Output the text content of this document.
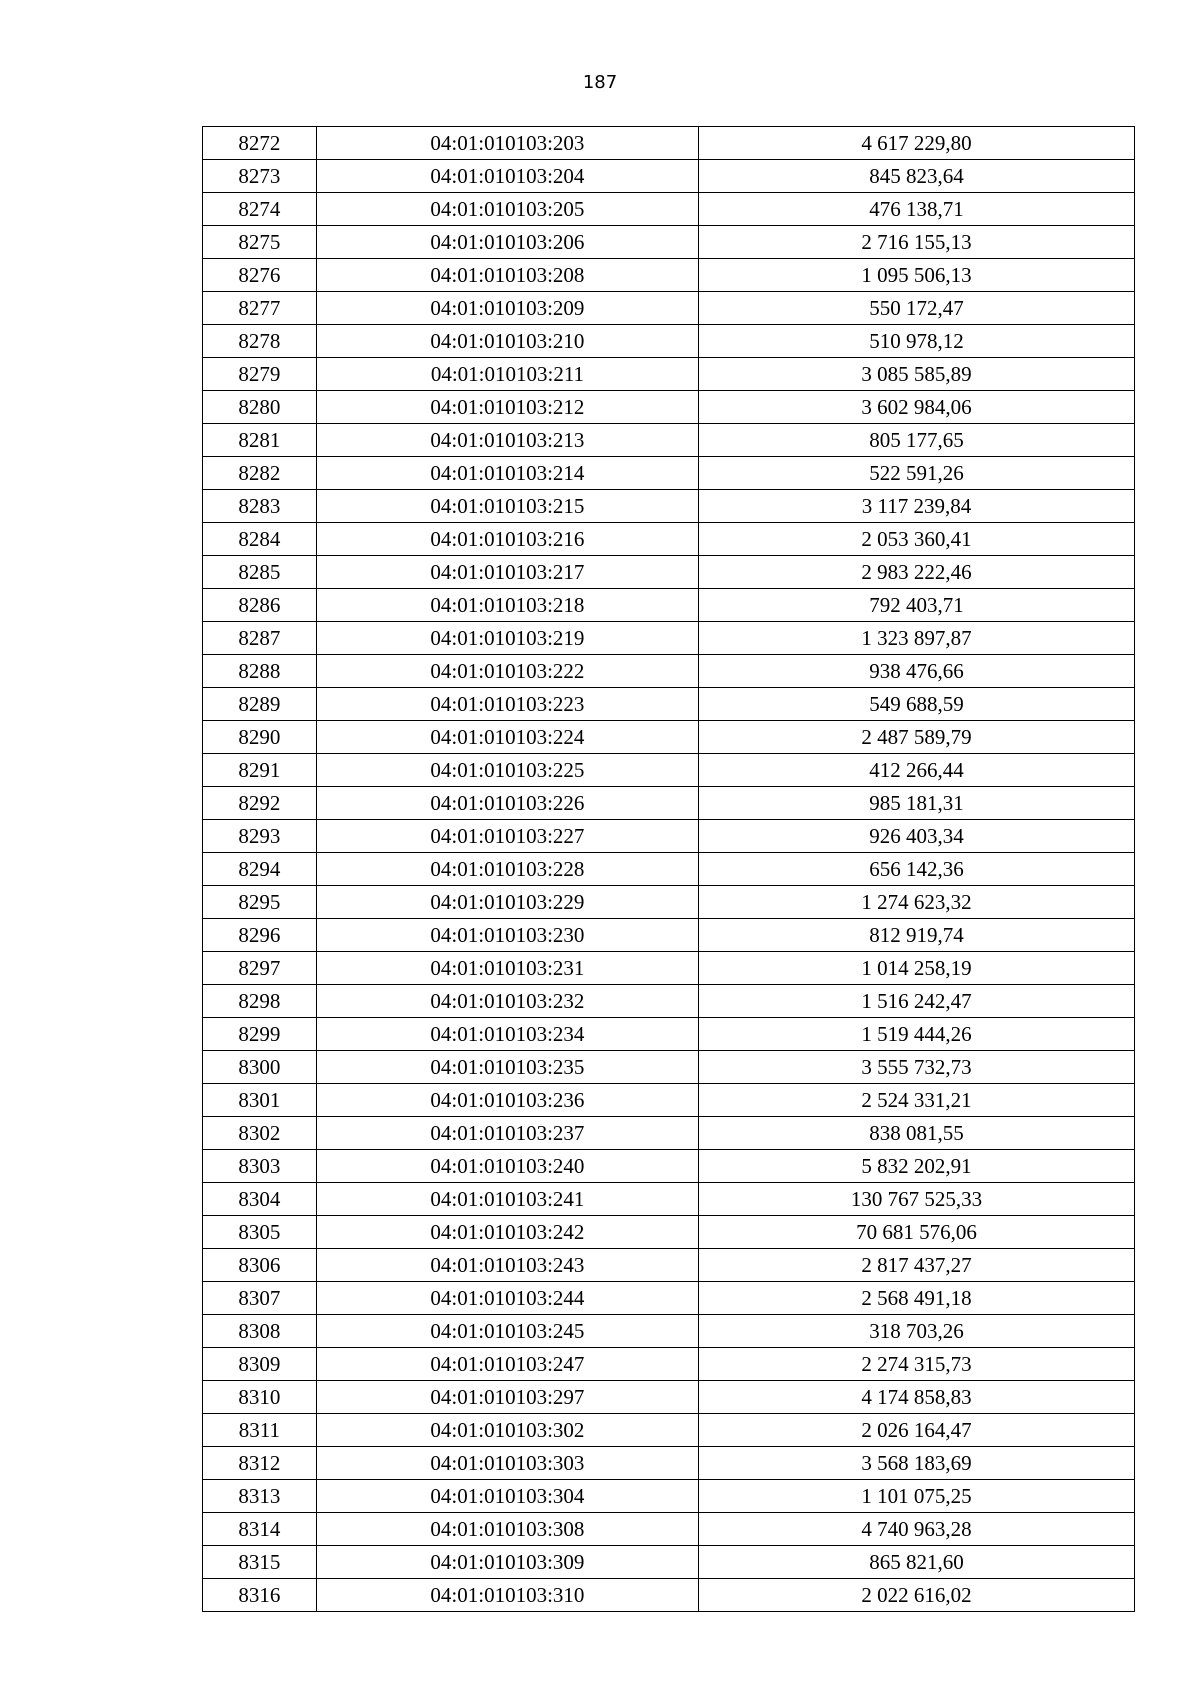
187
8272	04:01:010103:203	4 617 229,80
8273	04:01:010103:204	845 823,64
8274	04:01:010103:205	476 138,71
8275	04:01:010103:206	2 716 155,13
8276	04:01:010103:208	1 095 506,13
8277	04:01:010103:209	550 172,47
8278	04:01:010103:210	510 978,12
8279	04:01:010103:211	3 085 585,89
8280	04:01:010103:212	3 602 984,06
8281	04:01:010103:213	805 177,65
8282	04:01:010103:214	522 591,26
8283	04:01:010103:215	3 117 239,84
8284	04:01:010103:216	2 053 360,41
8285	04:01:010103:217	2 983 222,46
8286	04:01:010103:218	792 403,71
8287	04:01:010103:219	1 323 897,87
8288	04:01:010103:222	938 476,66
8289	04:01:010103:223	549 688,59
8290	04:01:010103:224	2 487 589,79
8291	04:01:010103:225	412 266,44
8292	04:01:010103:226	985 181,31
8293	04:01:010103:227	926 403,34
8294	04:01:010103:228	656 142,36
8295	04:01:010103:229	1 274 623,32
8296	04:01:010103:230	812 919,74
8297	04:01:010103:231	1 014 258,19
8298	04:01:010103:232	1 516 242,47
8299	04:01:010103:234	1 519 444,26
8300	04:01:010103:235	3 555 732,73
8301	04:01:010103:236	2 524 331,21
8302	04:01:010103:237	838 081,55
8303	04:01:010103:240	5 832 202,91
8304	04:01:010103:241	130 767 525,33
8305	04:01:010103:242	70 681 576,06
8306	04:01:010103:243	2 817 437,27
8307	04:01:010103:244	2 568 491,18
8308	04:01:010103:245	318 703,26
8309	04:01:010103:247	2 274 315,73
8310	04:01:010103:297	4 174 858,83
8311	04:01:010103:302	2 026 164,47
8312	04:01:010103:303	3 568 183,69
8313	04:01:010103:304	1 101 075,25
8314	04:01:010103:308	4 740 963,28
8315	04:01:010103:309	865 821,60
8316	04:01:010103:310	2 022 616,02
